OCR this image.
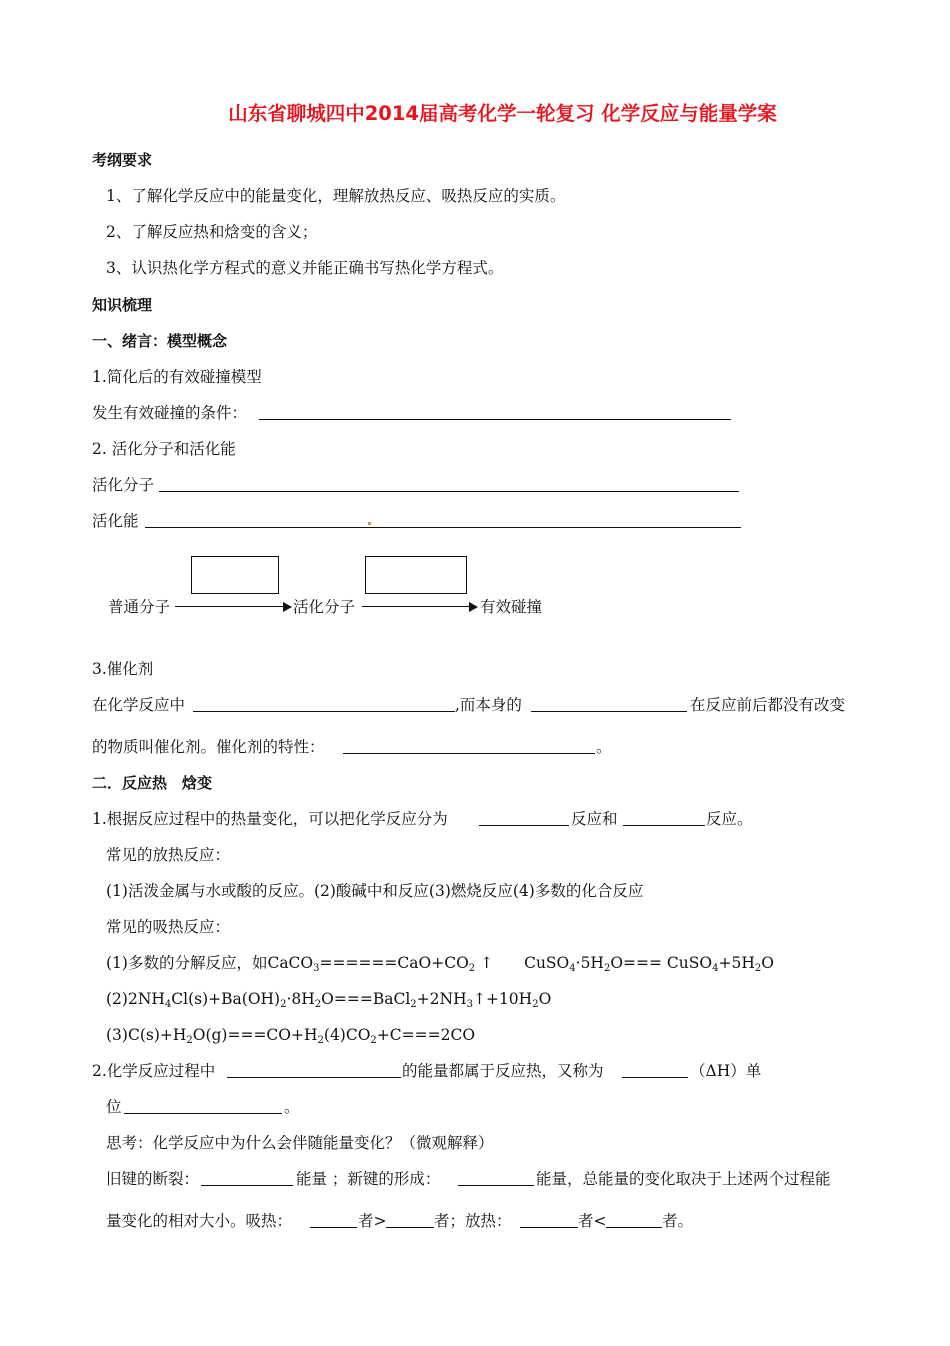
山东省聊城四中2014届高考化学一轮复习 化学反应与能量学案
考纲要求
1、了解化学反应中的能量变化，理解放热反应、吸热反应的实质。
2、了解反应热和焓变的含义；
3、认识热化学方程式的意义并能正确书写热化学方程式。
知识梳理
一、绪言：模型概念
1.简化后的有效碰撞模型
发生有效碰撞的条件：
2. 活化分子和活化能
活化分子
活化能
普通分子	活化分子	有效碰撞
3.催化剂
在化学反应中	,而本身的	在反应前后都没有改变
的物质叫催化剂。催化剂的特性：	。
二．反应热　焓变
1.根据反应过程中的热量变化，可以把化学反应分为	反应和	反应。
常见的放热反应：
(1)活泼金属与水或酸的反应。(2)酸碱中和反应(3)燃烧反应(4)多数的化合反应
常见的吸热反应：
(1)多数的分解反应，如$CaCO_3======CaO+CO_2$ ↑　　$CuSO_4\cdot 5H_2O===$ $CuSO_4+5H_2O$
$(2)2NH_4Cl(s)+Ba(OH)_2\cdot 8H_2O===BaCl_2+2NH_3↑+10H_2O$
$(3)C(s)+H_2O(g)===CO+H_2(4)CO_2+C===2CO$
2.化学反应过程中	的能量都属于反应热，又称为	（ΔH）单
位	。
思考：化学反应中为什么会伴随能量变化？（微观解释）
旧键的断裂：	能量 ；新键的形成：	能量，总能量的变化取决于上述两个过程能
量变化的相对大小。吸热：	者>	者；放热：	者<	者。
